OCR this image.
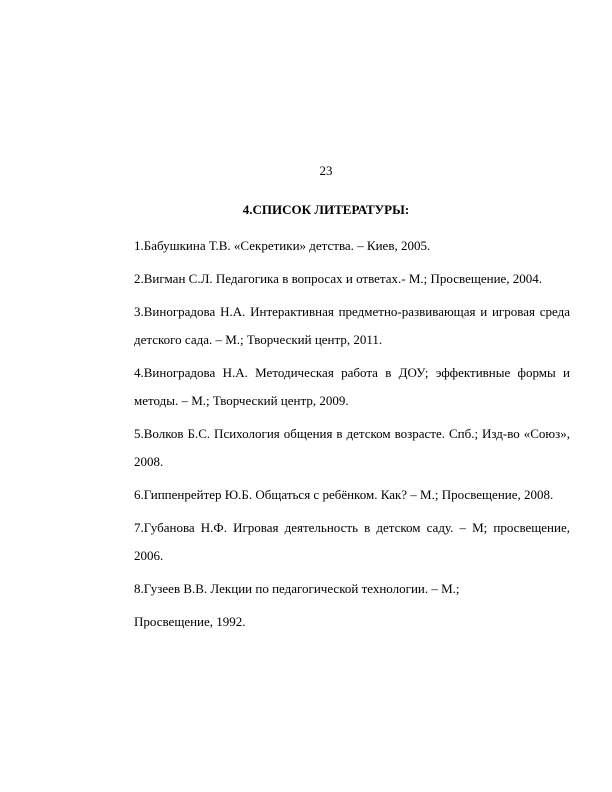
23
4.СПИСОК ЛИТЕРАТУРЫ:

1.Бабушкина Т.В. «Секретики» детства. – Киев, 2005.

2.Вигман С.Л. Педагогика в вопросах и ответах.- М.; Просвещение, 2004.

3.Виноградова Н.А. Интерактивная предметно-развивающая и игровая среда детского сада. – М.; Творческий центр, 2011.

4.Виноградова Н.А. Методическая работа в ДОУ; эффективные формы и методы. – М.; Творческий центр, 2009.

5.Волков Б.С. Психология общения в детском возрасте. Спб.; Изд-во «Союз», 2008.

6.Гиппенрейтер Ю.Б. Общаться с ребёнком. Как? – М.; Просвещение, 2008.

7.Губанова Н.Ф. Игровая деятельность в детском саду. – М; просвещение, 2006.

8.Гузеев В.В. Лекции по педагогической технологии. – М.;

Просвещение, 1992.
